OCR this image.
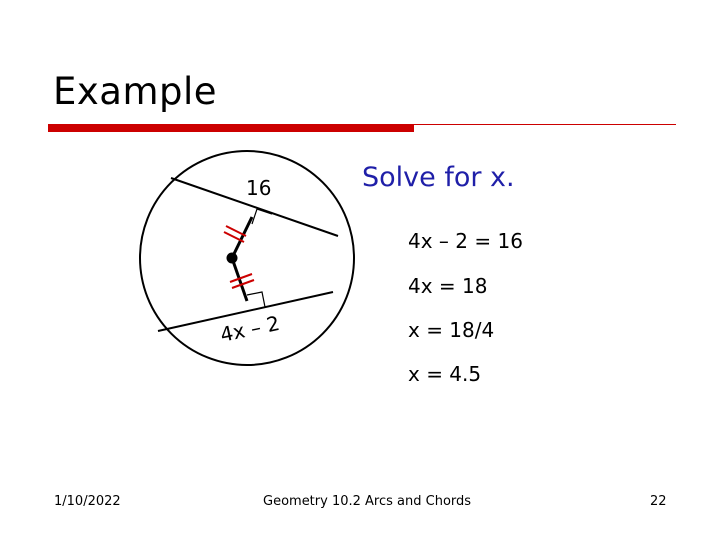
Example
16
4x – 2
Solve for x.
4x – 2 = 16
4x = 18
x = 18/4
x = 4.5
1/10/2022	Geometry 10.2 Arcs and Chords	22
